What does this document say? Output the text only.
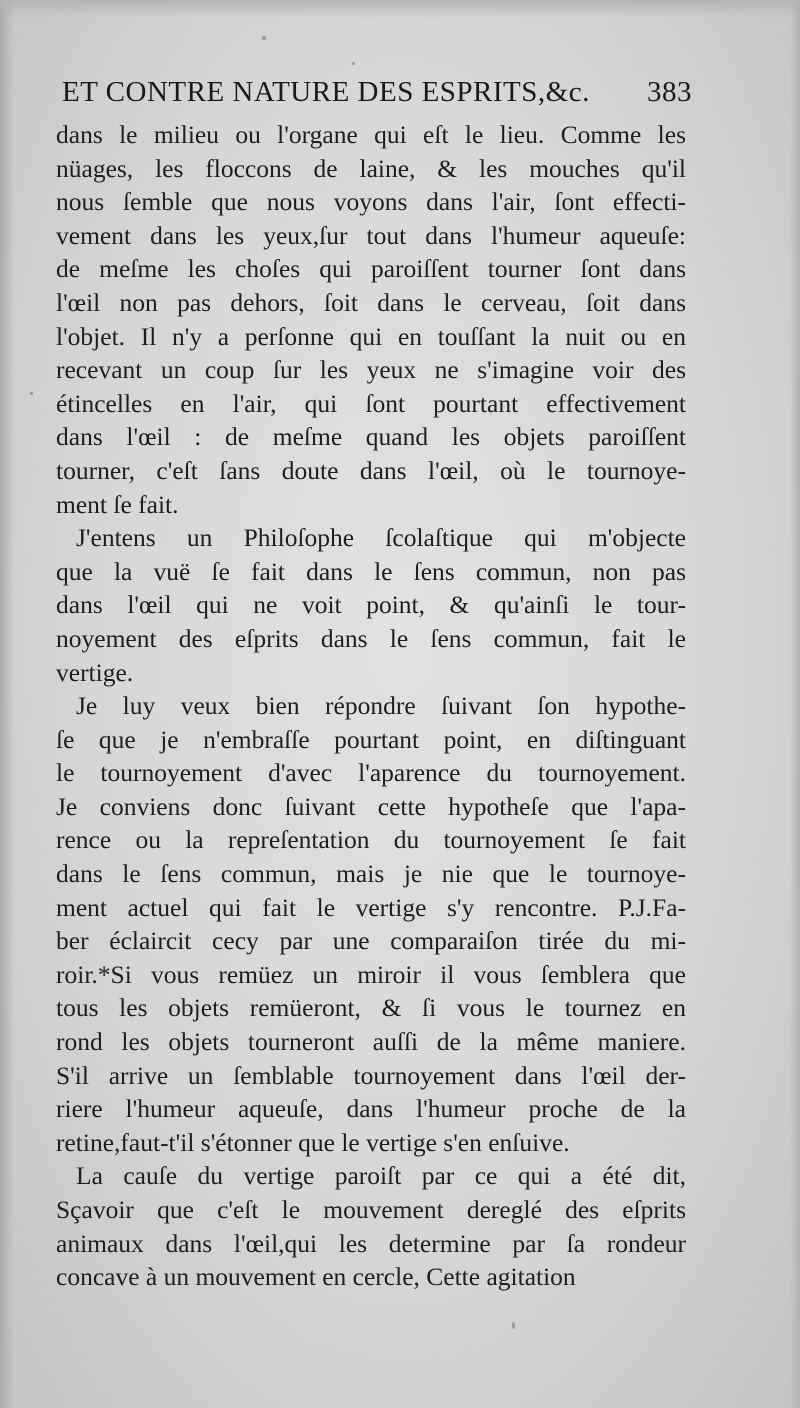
ET CONTRE NATURE DES ESPRITS,&c. 383
dans le milieu ou l'organe qui eſt le lieu. Comme les
nüages, les floccons de laine, & les mouches qu'il
nous ſemble que nous voyons dans l'air, ſont effecti-
vement dans les yeux,ſur tout dans l'humeur aqueuſe:
de meſme les choſes qui paroiſſent tourner ſont dans
l'œil non pas dehors, ſoit dans le cerveau, ſoit dans
l'objet. Il n'y a perſonne qui en touſſant la nuit ou en
recevant un coup ſur les yeux ne s'imagine voir des
étincelles en l'air, qui ſont pourtant effectivement
dans l'œil : de meſme quand les objets paroiſſent
tourner, c'eſt ſans doute dans l'œil, où le tournoye-
ment ſe fait.
J'entens un Philoſophe ſcolaſtique qui m'objecte
que la vuë ſe fait dans le ſens commun, non pas
dans l'œil qui ne voit point, & qu'ainſi le tour-
noyement des eſprits dans le ſens commun, fait le
vertige.
Je luy veux bien répondre ſuivant ſon hypothe-
ſe que je n'embraſſe pourtant point, en diſtinguant
le tournoyement d'avec l'aparence du tournoyement.
Je conviens donc ſuivant cette hypotheſe que l'apa-
rence ou la repreſentation du tournoyement ſe fait
dans le ſens commun, mais je nie que le tournoye-
ment actuel qui fait le vertige s'y rencontre. P.J.Fa-
ber éclaircit cecy par une comparaiſon tirée du mi-
roir.*Si vous remüez un miroir il vous ſemblera que
tous les objets remüeront, & ſi vous le tournez en
rond les objets tourneront auſſi de la même maniere.
S'il arrive un ſemblable tournoyement dans l'œil der-
riere l'humeur aqueuſe, dans l'humeur proche de la
retine,faut-t'il s'étonner que le vertige s'en enſuive.
La cauſe du vertige paroiſt par ce qui a été dit,
Sçavoir que c'eſt le mouvement dereglé des eſprits
animaux dans l'œil,qui les determine par ſa rondeur
concave à un mouvement en cercle, Cette agitation
